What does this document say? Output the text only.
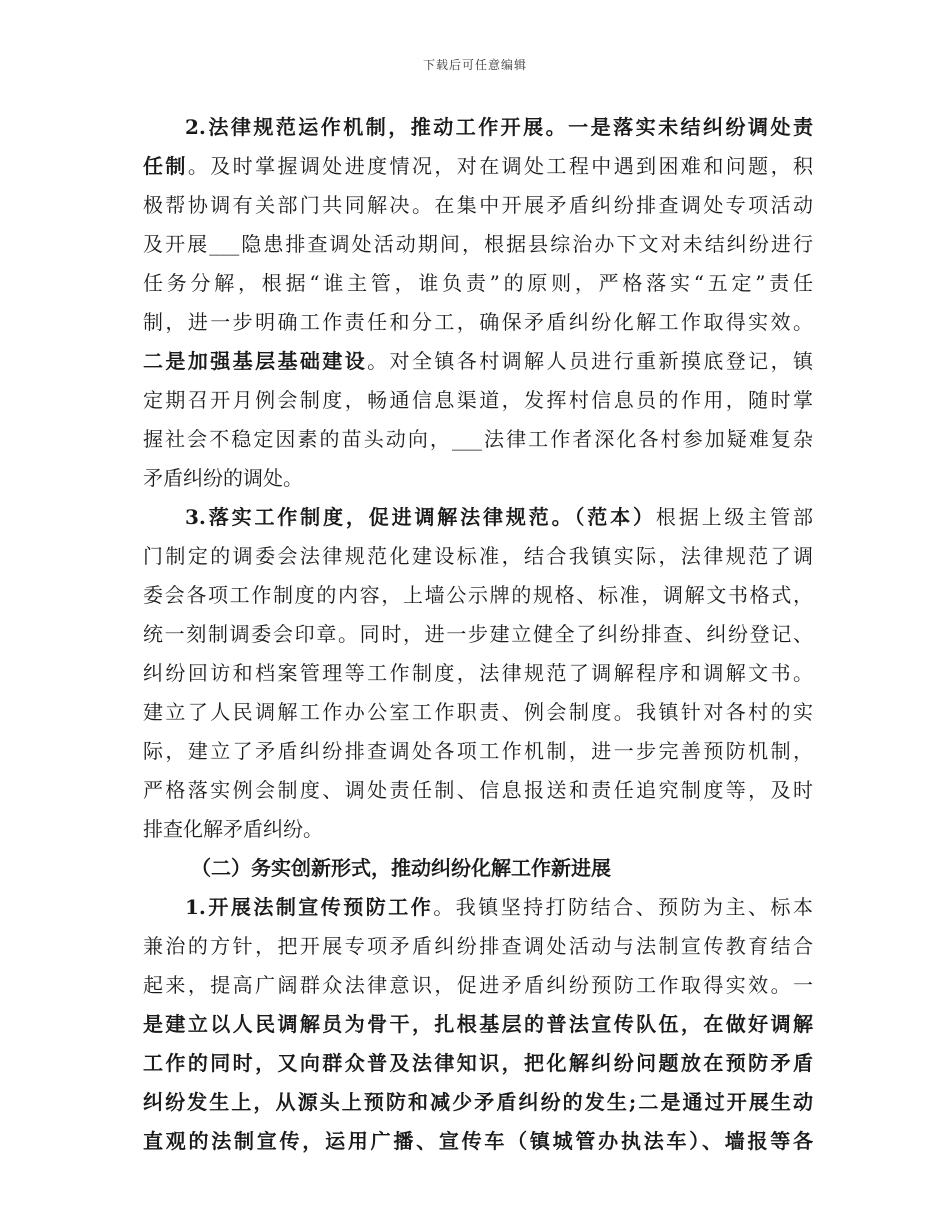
下载后可任意编辑
2.法律规范运作机制，推动工作开展。一是落实未结纠纷调处责
任制。及时掌握调处进度情况，对在调处工程中遇到困难和问题，积
极帮协调有关部门共同解决。在集中开展矛盾纠纷排查调处专项活动
及开展___隐患排查调处活动期间，根据县综治办下文对未结纠纷进行
任务分解，根据“谁主管，谁负责”的原则，严格落实“五定”责任
制，进一步明确工作责任和分工，确保矛盾纠纷化解工作取得实效。
二是加强基层基础建设。对全镇各村调解人员进行重新摸底登记，镇
定期召开月例会制度，畅通信息渠道，发挥村信息员的作用，随时掌
握社会不稳定因素的苗头动向，___法律工作者深化各村参加疑难复杂
矛盾纠纷的调处。
3.落实工作制度，促进调解法律规范。（范本）根据上级主管部
门制定的调委会法律规范化建设标准，结合我镇实际，法律规范了调
委会各项工作制度的内容，上墙公示牌的规格、标准，调解文书格式，
统一刻制调委会印章。同时，进一步建立健全了纠纷排查、纠纷登记、
纠纷回访和档案管理等工作制度，法律规范了调解程序和调解文书。
建立了人民调解工作办公室工作职责、例会制度。我镇针对各村的实
际，建立了矛盾纠纷排查调处各项工作机制，进一步完善预防机制，
严格落实例会制度、调处责任制、信息报送和责任追究制度等，及时
排查化解矛盾纠纷。
（二）务实创新形式，推动纠纷化解工作新进展
1.开展法制宣传预防工作。我镇坚持打防结合、预防为主、标本
兼治的方针，把开展专项矛盾纠纷排查调处活动与法制宣传教育结合
起来，提高广阔群众法律意识，促进矛盾纠纷预防工作取得实效。一
是建立以人民调解员为骨干，扎根基层的普法宣传队伍，在做好调解
工作的同时，又向群众普及法律知识，把化解纠纷问题放在预防矛盾
纠纷发生上，从源头上预防和减少矛盾纠纷的发生;二是通过开展生动
直观的法制宣传，运用广播、宣传车（镇城管办执法车）、墙报等各
